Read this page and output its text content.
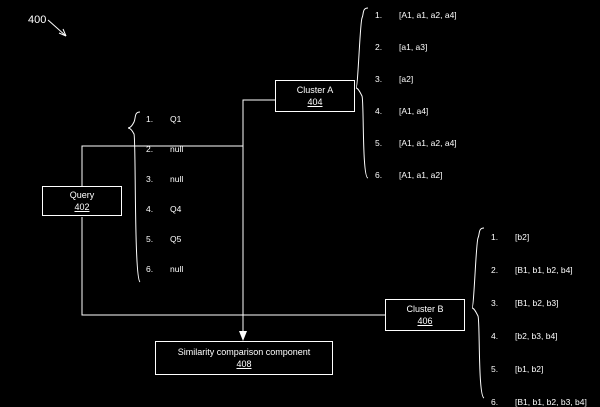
400
Query
402
Cluster A
404
Cluster B
406
Similarity comparison component
408
1.	Q1
2.	null
3.	null
4.	Q4
5.	Q5
6.	null
1.	[A1, a1, a2, a4]
2.	[a1, a3]
3.	[a2]
4.	[A1, a4]
5.	[A1, a1, a2, a4]
6.	[A1, a1, a2]
1.	[b2]
2.	[B1, b1, b2, b4]
3.	[B1, b2, b3]
4.	[b2, b3, b4]
5.	[b1, b2]
6.	[B1, b1, b2, b3, b4]
